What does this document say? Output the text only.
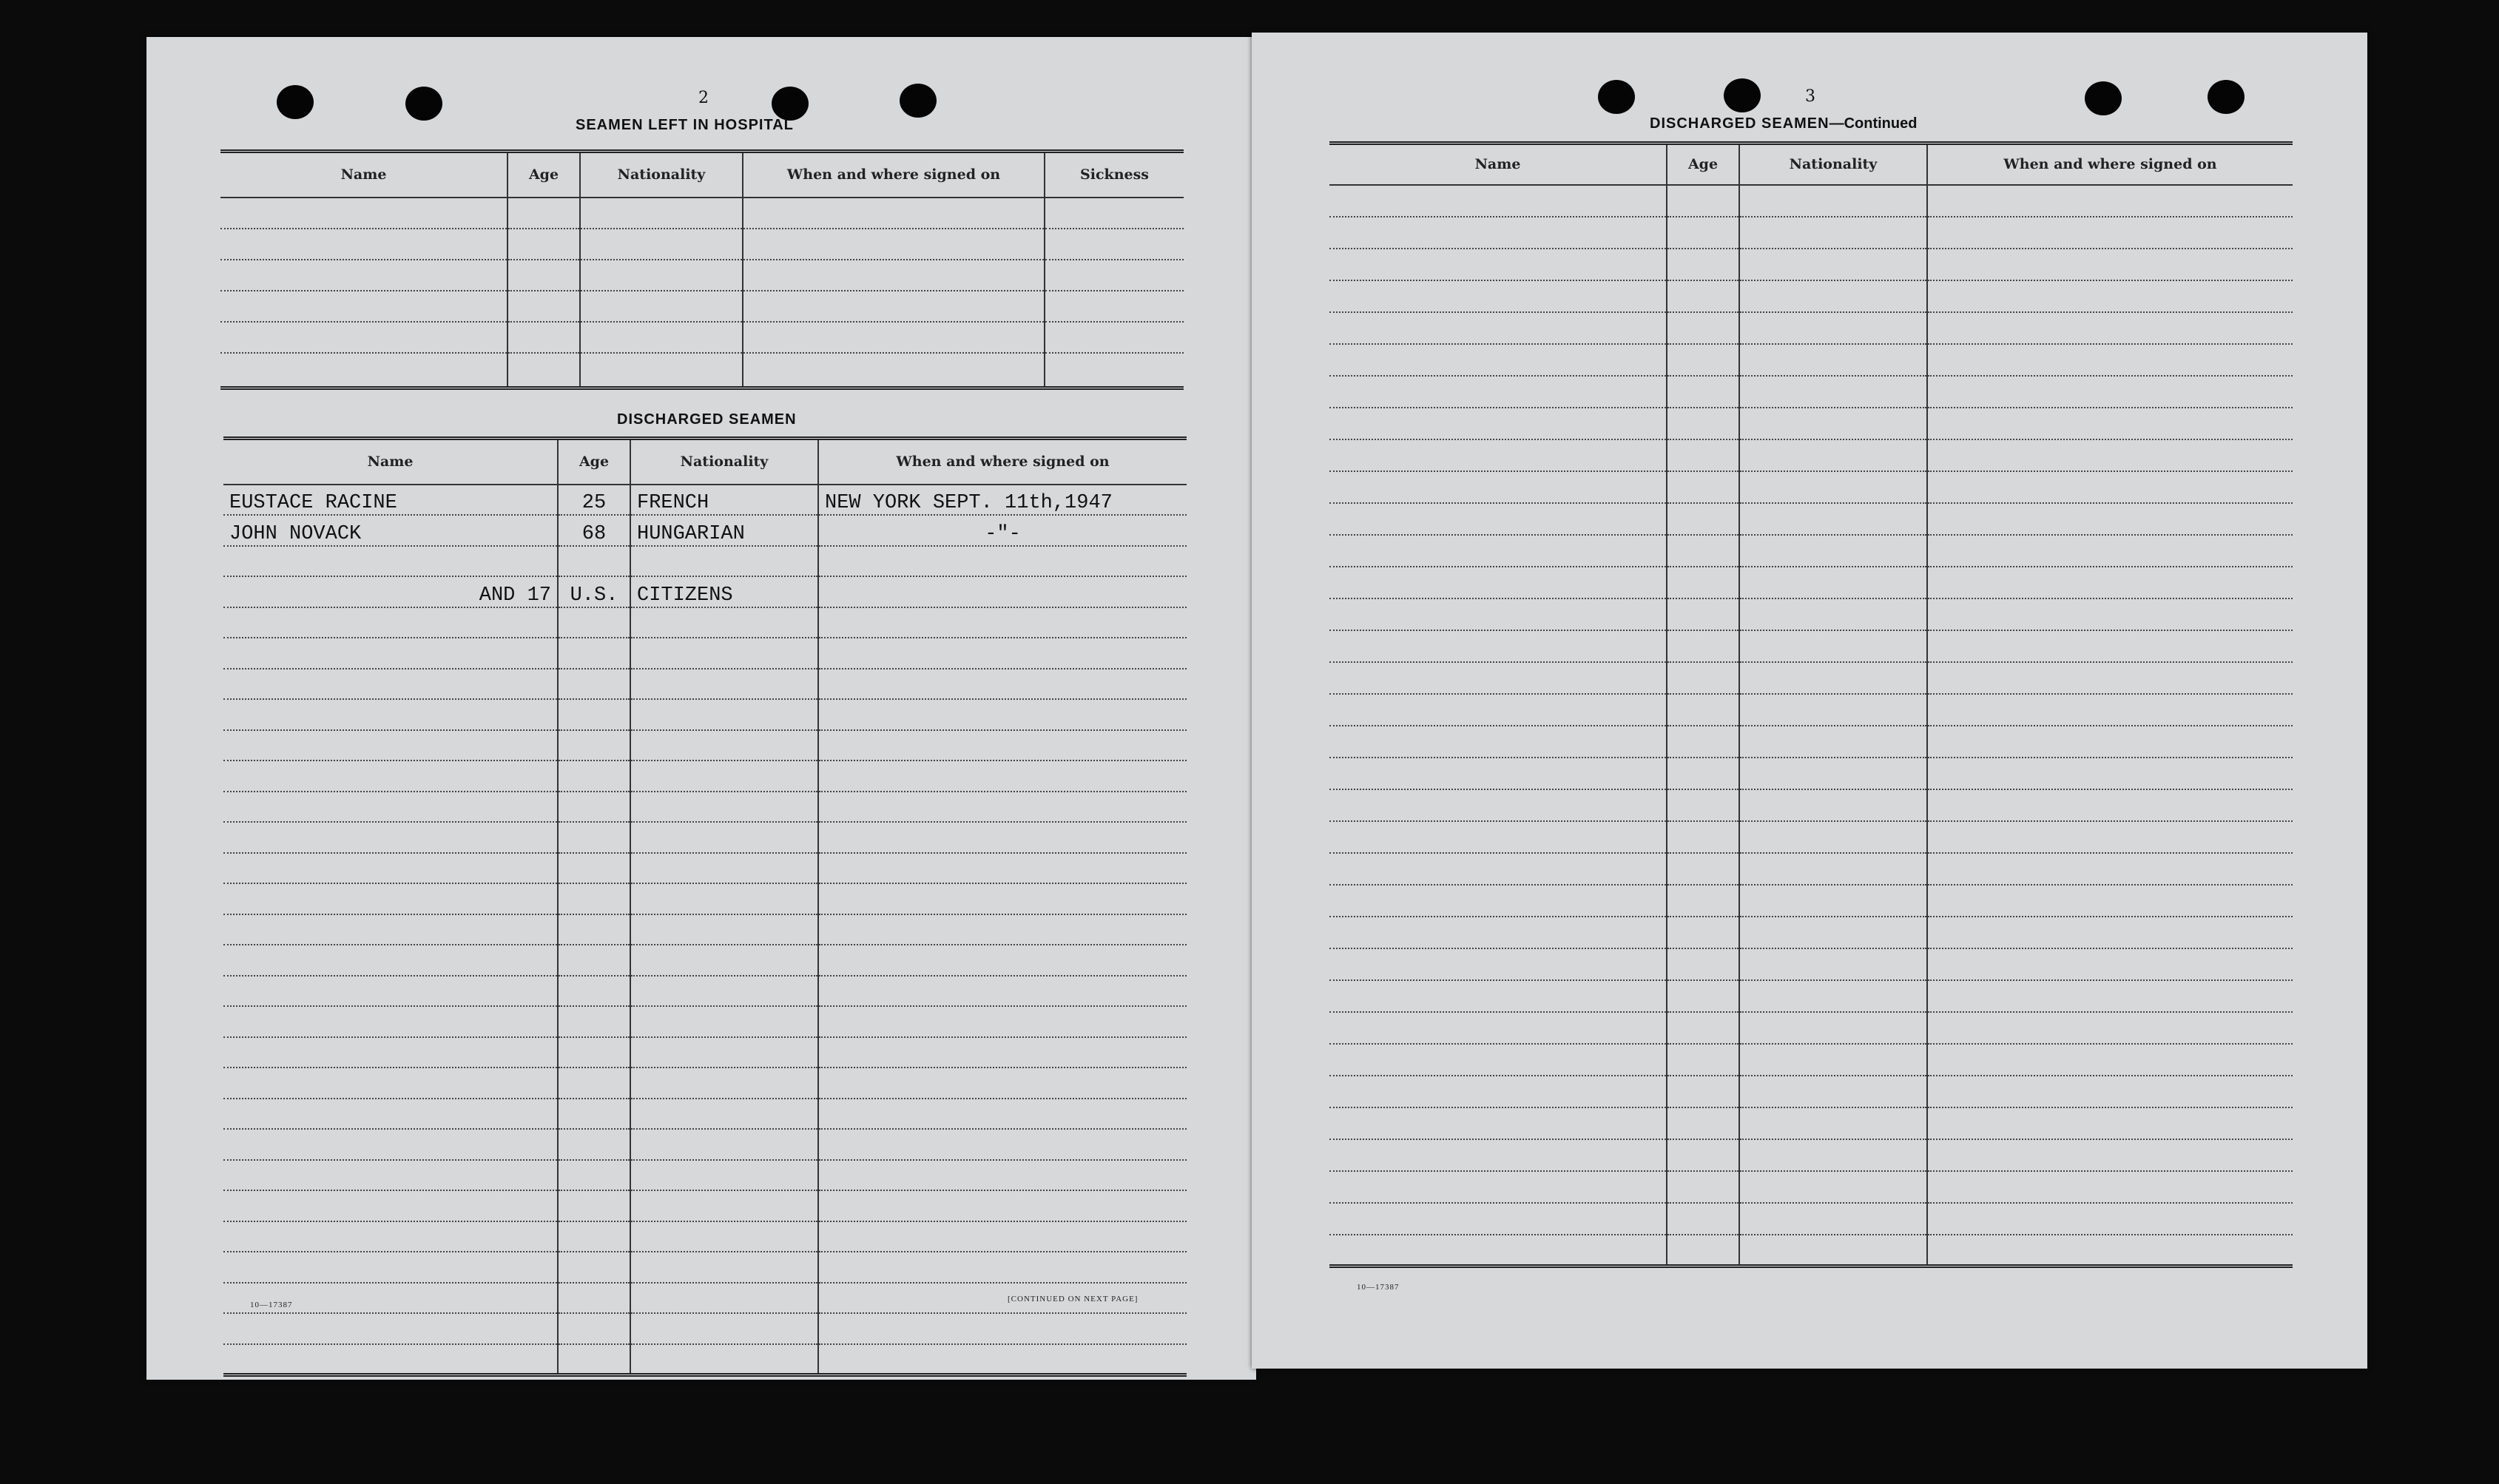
2
SEAMEN LEFT IN HOSPITAL
Name	Age	Nationality	When and where signed on	Sickness

DISCHARGED SEAMEN
Name	Age	Nationality	When and where signed on
EUSTACE RACINE	25	FRENCH	NEW YORK SEPT. 11th,1947
JOHN NOVACK	68	HUNGARIAN	-"-

AND 17	U.S.	CITIZENS	

10—17387
[CONTINUED ON NEXT PAGE]
3
DISCHARGED SEAMEN—Continued
Name	Age	Nationality	When and where signed on

10—17387
